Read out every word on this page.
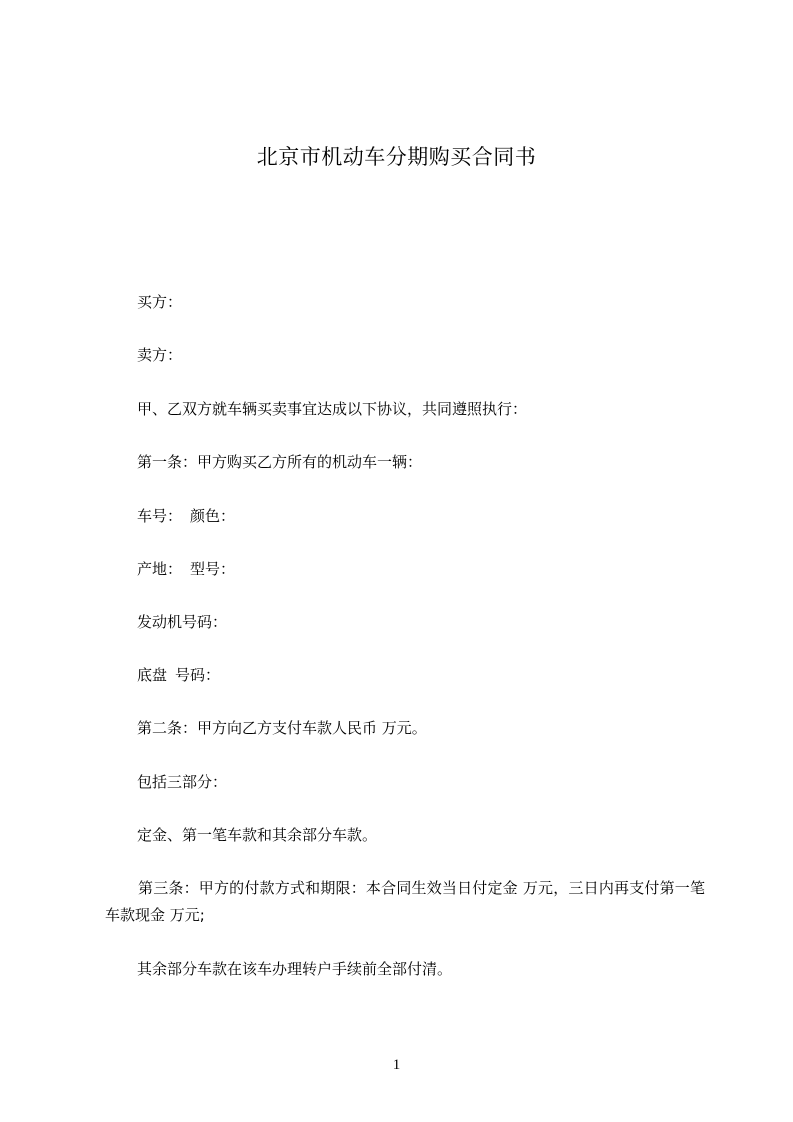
北京市机动车分期购买合同书
买方：
卖方：
甲、乙双方就车辆买卖事宜达成以下协议，共同遵照执行：
第一条：甲方购买乙方所有的机动车一辆：
车号： 颜色：
产地： 型号：
发动机号码：
底盘 号码：
第二条：甲方向乙方支付车款人民币 万元。
包括三部分：
定金、第一笔车款和其余部分车款。
第三条：甲方的付款方式和期限：本合同生效当日付定金 万元，三日内再支付第一笔车款现金 万元;
其余部分车款在该车办理转户手续前全部付清。
1
